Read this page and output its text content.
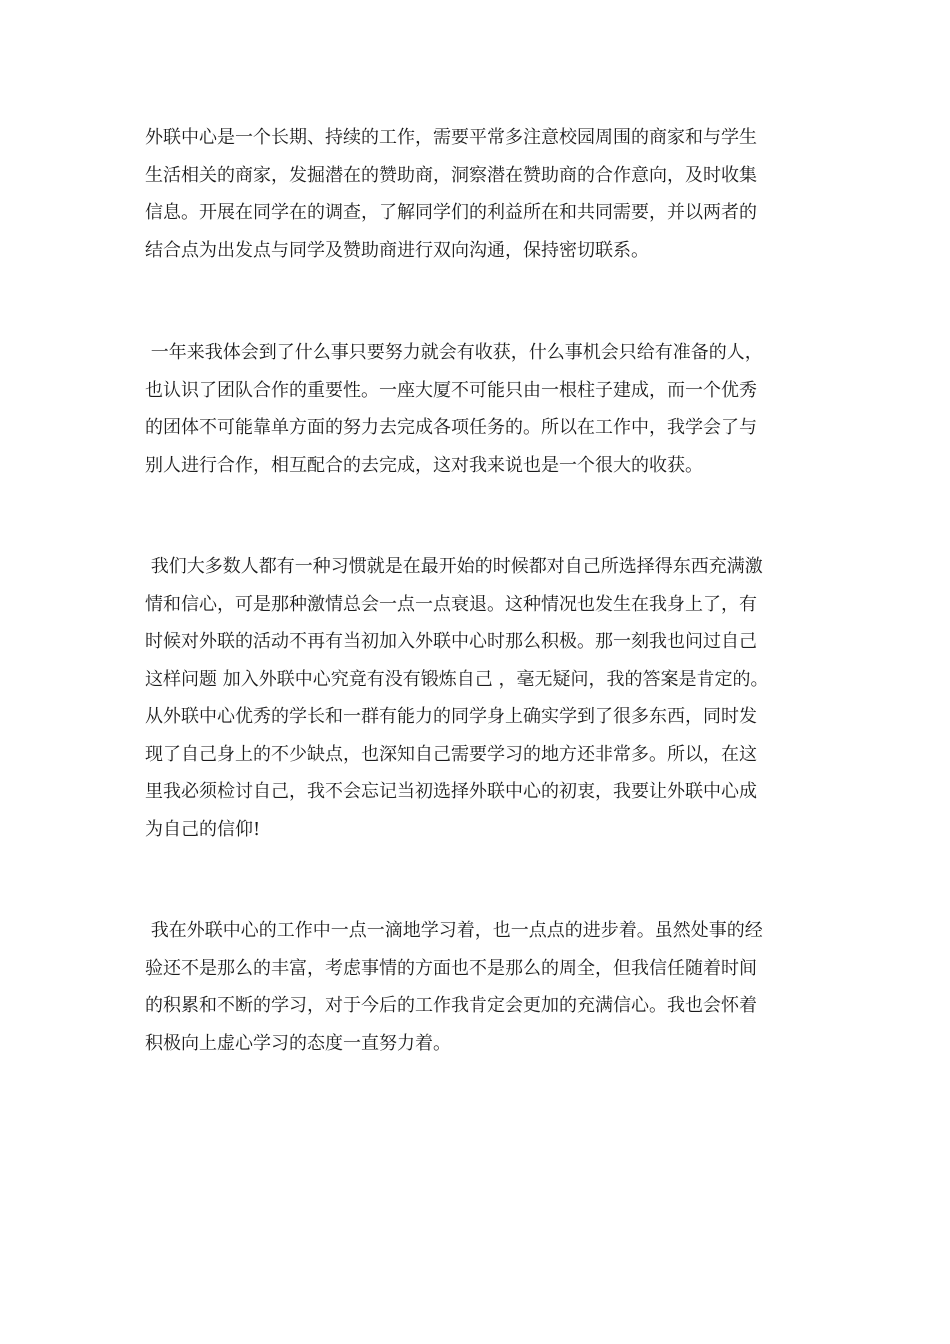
外联中心是一个长期、持续的工作，需要平常多注意校园周围的商家和与学生
生活相关的商家，发掘潜在的赞助商，洞察潜在赞助商的合作意向，及时收集
信息。开展在同学在的调查，了解同学们的利益所在和共同需要，并以两者的
结合点为出发点与同学及赞助商进行双向沟通，保持密切联系。
一年来我体会到了什么事只要努力就会有收获，什么事机会只给有准备的人，
也认识了团队合作的重要性。一座大厦不可能只由一根柱子建成，而一个优秀
的团体不可能靠单方面的努力去完成各项任务的。所以在工作中，我学会了与
别人进行合作，相互配合的去完成，这对我来说也是一个很大的收获。
我们大多数人都有一种习惯就是在最开始的时候都对自己所选择得东西充满激
情和信心，可是那种激情总会一点一点衰退。这种情况也发生在我身上了，有
时候对外联的活动不再有当初加入外联中心时那么积极。那一刻我也问过自己
这样问题 加入外联中心究竟有没有锻炼自己 ，毫无疑问，我的答案是肯定的。
从外联中心优秀的学长和一群有能力的同学身上确实学到了很多东西，同时发
现了自己身上的不少缺点，也深知自己需要学习的地方还非常多。所以，在这
里我必须检讨自己，我不会忘记当初选择外联中心的初衷，我要让外联中心成
为自己的信仰!
我在外联中心的工作中一点一滴地学习着，也一点点的进步着。虽然处事的经
验还不是那么的丰富，考虑事情的方面也不是那么的周全，但我信任随着时间
的积累和不断的学习，对于今后的工作我肯定会更加的充满信心。我也会怀着
积极向上虚心学习的态度一直努力着。
